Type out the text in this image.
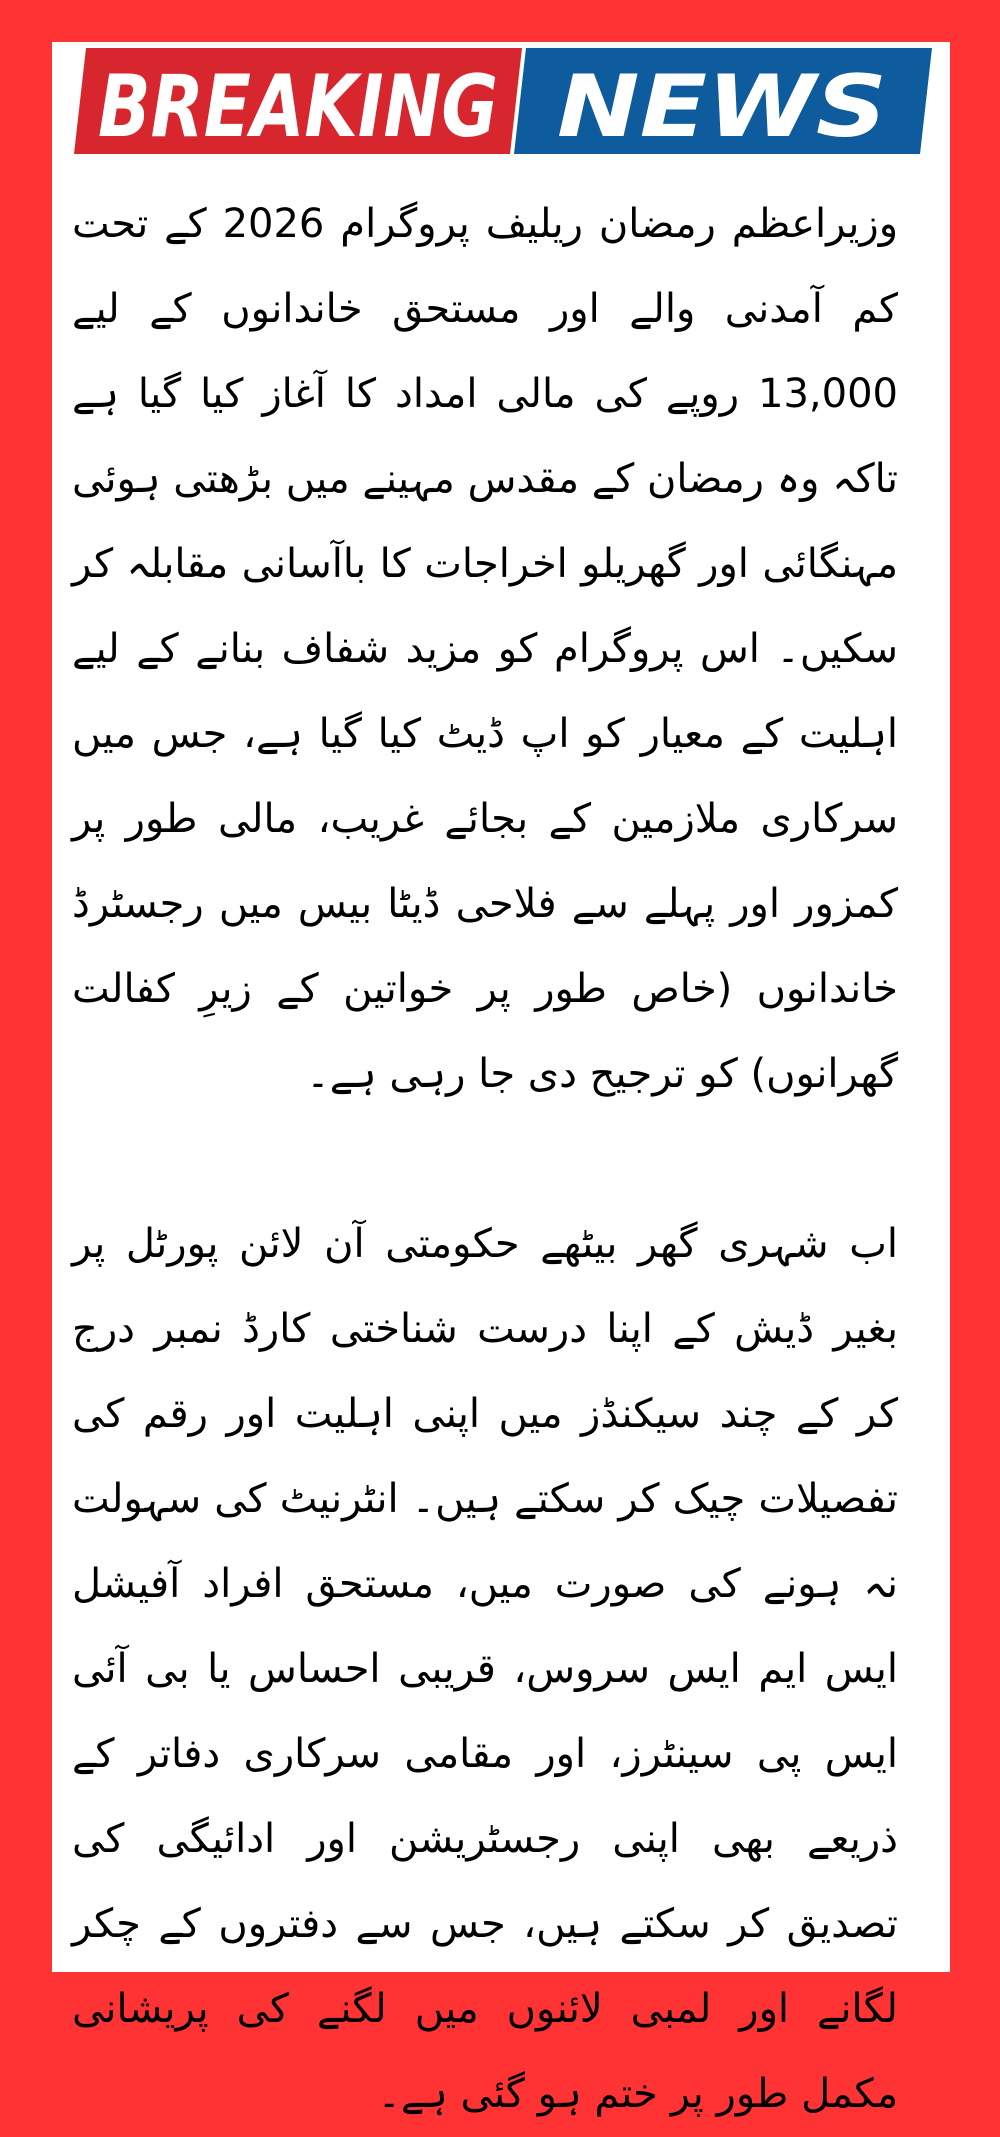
BREAKING NEWS

وزیراعظم رمضان ریلیف پروگرام 2026 کے تحت کم آمدنی والے اور مستحق خاندانوں کے لیے 13,000 روپے کی مالی امداد کا آغاز کیا گیا ہے تاکہ وہ رمضان کے مقدس مہینے میں بڑھتی ہوئی مہنگائی اور گھریلو اخراجات کا باآسانی مقابلہ کر سکیں۔ اس پروگرام کو مزید شفاف بنانے کے لیے اہلیت کے معیار کو اپ ڈیٹ کیا گیا ہے، جس میں سرکاری ملازمین کے بجائے غریب، مالی طور پر کمزور اور پہلے سے فلاحی ڈیٹا بیس میں رجسٹرڈ خاندانوں (خاص طور پر خواتین کے زیرِ کفالت گھرانوں) کو ترجیح دی جا رہی ہے۔

اب شہری گھر بیٹھے حکومتی آن لائن پورٹل پر بغیر ڈیش کے اپنا درست شناختی کارڈ نمبر درج کر کے چند سیکنڈز میں اپنی اہلیت اور رقم کی تفصیلات چیک کر سکتے ہیں۔ انٹرنیٹ کی سہولت نہ ہونے کی صورت میں، مستحق افراد آفیشل ایس ایم ایس سروس، قریبی احساس یا بی آئی ایس پی سینٹرز، اور مقامی سرکاری دفاتر کے ذریعے بھی اپنی رجسٹریشن اور ادائیگی کی تصدیق کر سکتے ہیں، جس سے دفتروں کے چکر لگانے اور لمبی لائنوں میں لگنے کی پریشانی مکمل طور پر ختم ہو گئی ہے۔
